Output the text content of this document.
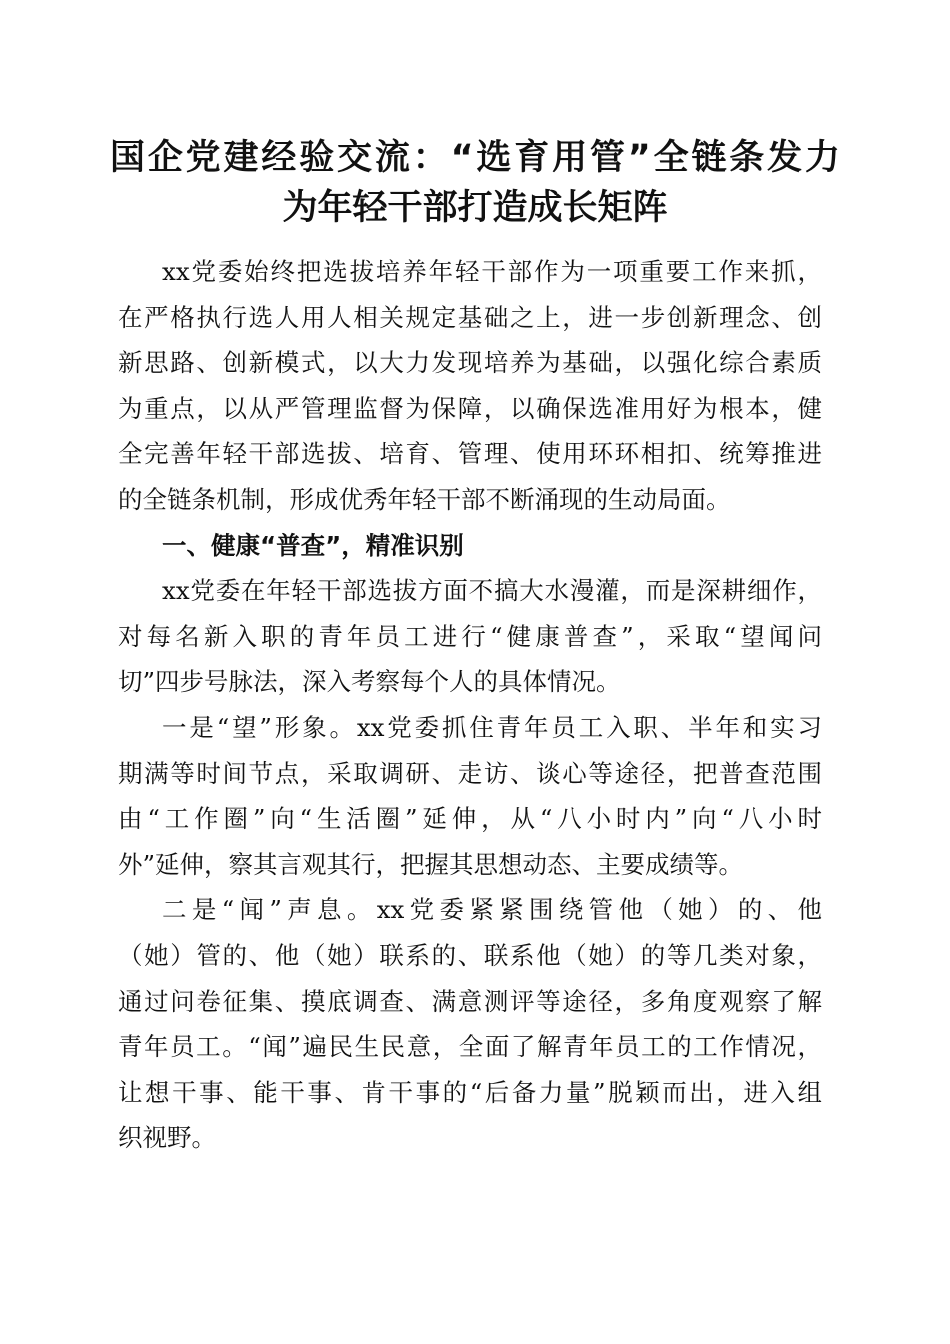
国企党建经验交流：“选育用管”全链条发力
为年轻干部打造成长矩阵
xx党委始终把选拔培养年轻干部作为一项重要工作来抓，
在严格执行选人用人相关规定基础之上，进一步创新理念、创
新思路、创新模式，以大力发现培养为基础，以强化综合素质
为重点，以从严管理监督为保障，以确保选准用好为根本，健
全完善年轻干部选拔、培育、管理、使用环环相扣、统筹推进
的全链条机制，形成优秀年轻干部不断涌现的生动局面。
一、健康“普查”，精准识别
xx党委在年轻干部选拔方面不搞大水漫灌，而是深耕细作，
对每名新入职的青年员工进行“健康普查”，采取“望闻问
切”四步号脉法，深入考察每个人的具体情况。
一是“望”形象。xx党委抓住青年员工入职、半年和实习
期满等时间节点，采取调研、走访、谈心等途径，把普查范围
由“工作圈”向“生活圈”延伸，从“八小时内”向“八小时
外”延伸，察其言观其行，把握其思想动态、主要成绩等。
二是“闻”声息。xx党委紧紧围绕管他（她）的、他
（她）管的、他（她）联系的、联系他（她）的等几类对象，
通过问卷征集、摸底调查、满意测评等途径，多角度观察了解
青年员工。“闻”遍民生民意，全面了解青年员工的工作情况，
让想干事、能干事、肯干事的“后备力量”脱颖而出，进入组
织视野。
